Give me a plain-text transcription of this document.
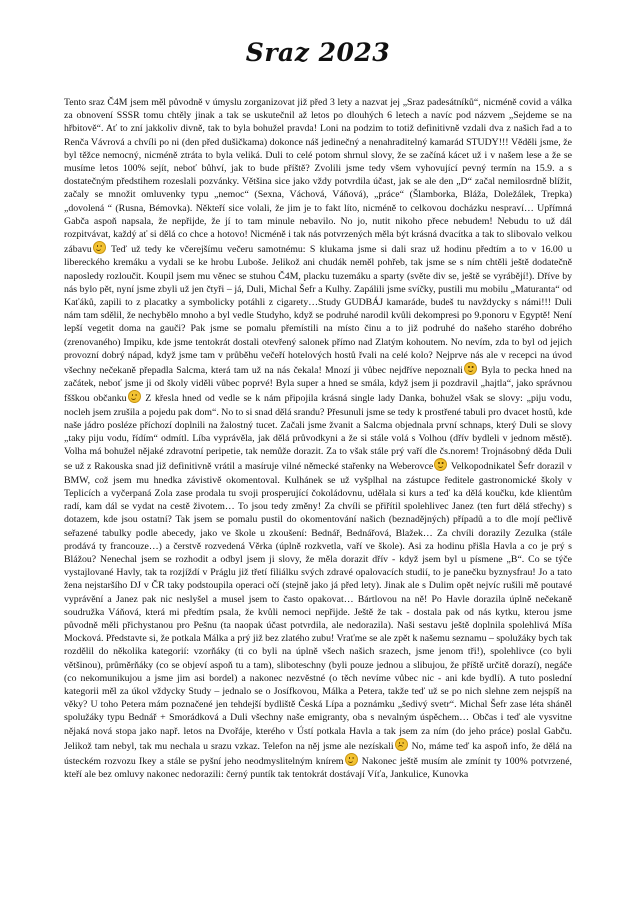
Sraz 2023
Tento sraz Č4M jsem měl původně v úmyslu zorganizovat již před 3 lety a nazvat jej „Sraz padesátníků“, nicméně covid a válka za obnovení SSSR tomu chtěly jinak a tak se uskutečnil až letos po dlouhých 6 letech a navíc pod názvem „Sejdeme se na hřbitově“. Ať to zní jakkoliv divně, tak to byla bohužel pravda! Loni na podzim to totiž definitivně vzdali dva z našich řad a to Renča Vávrová a chvíli po ni (den před dušičkama) dokonce náš jedinečný a nenahraditelný kamarád STUDY!!! Věděli jsme, že byl těžce nemocný, nicméně ztráta to byla veliká. Duli to celé potom shrnul slovy, že se začíná kácet už i v našem lese a že se musíme letos 100% sejít, neboť bůhví, jak to bude příště? Zvolili jsme tedy všem vyhovující pevný termín na 15.9. a s dostatečným předstihem rozeslali pozvánky. Většina sice jako vždy potvrdila účast, jak se ale den „D“ začal nemilosrdně blížit, začaly se množit omluvenky typu „nemoc“ (Sexna, Váchová, Váňová), „práce“ (Šlamborka, Bláža, Doležálek, Trepka) „dovolená “ (Rusna, Bémovka). Někteří sice volali, že jim je to fakt líto, nicméně to celkovou docházku nespraví… Upřímná Gabča aspoň napsala, že nepřijde, že jí to tam minule nebavilo. No jo, nutit nikoho přece nebudem! Nebudu to už dál rozpitvávat, každý ať si dělá co chce a hotovo! Nicméně i tak nás potvrzených měla být krásná dvacítka a tak to slibovalo velkou zábavu Teď už tedy ke včerejšímu večeru samotnému: S klukama jsme si dali sraz už hodinu předtím a to v 16.00 u libereckého kremáku a vydali se ke hrobu Luboše. Jelikož ani chudák neměl pohřeb, tak jsme se s ním chtěli ještě dodatečně naposledy rozloučit. Koupil jsem mu věnec se stuhou Č4M, placku tuzemáku a sparty (světe div se, ještě se vyrábějí!). Dříve by nás bylo pět, nyní jsme zbyli už jen čtyři – já, Duli, Michal Šefr a Kulhy. Zapálili jsme svíčky, pustili mu mobilu „Maturanta“ od Kaťáků, zapili to z placatky a symbolicky potáhli z cigarety…Study GUDBÁJ kamaráde, budeš tu navždycky s námi!!! Duli nám tam sdělil, že nechybělo mnoho a byl vedle Studyho, když se podruhé narodil kvůli dekompresi po 9.ponoru v Egyptě! Není lepší vegetit doma na gauči? Pak jsme se pomalu přemístili na místo činu a to již podruhé do našeho starého dobrého (zrenovaného) Impiku, kde jsme tentokrát dostali otevřený salonek přímo nad Zlatým kohoutem. No nevím, zda to byl od jejich provozní dobrý nápad, když jsme tam v průběhu večeří hotelových hostů řvali na celé kolo? Nejprve nás ale v recepci na úvod všechny nečekaně přepadla Salcma, která tam už na nás čekala! Mnozí ji vůbec nejdříve nepoznali Byla to pecka hned na začátek, neboť jsme ji od školy viděli vůbec poprvé! Byla super a hned se smála, když jsem ji pozdravil „hajtla“, jako správnou fšškou občanku Z křesla hned od vedle se k nám připojila krásná single lady Danka, bohužel však se slovy: „piju vodu, nocleh jsem zrušila a pojedu pak dom“. No to si snad dělá srandu? Přesunuli jsme se tedy k prostřené tabuli pro dvacet hostů, kde naše jádro posléze příchozí doplnili na žalostný tucet. Začali jsme žvanit a Salcma objednala první schnaps, který Duli se slovy „taky piju vodu, řídím“ odmítl. Líba vyprávěla, jak dělá průvodkyni a že si stále volá s Volhou (dřív bydleli v jednom městě). Volha má bohužel nějaké zdravotní peripetie, tak nemůže dorazit. Za to však stále prý vaří dle čs.norem! Trojnásobný děda Duli se už z Rakouska snad již definitivně vrátil a masíruje vilné německé stařenky na Weberovce Velkopodnikatel Šefr dorazil v BMW, což jsem mu hnedka závistivě okomentoval. Kulhánek se už vyšplhal na zástupce ředitele gastronomické školy v Teplicích a vyčerpaná Zola zase prodala tu svoji prosperující čokoládovnu, udělala si kurs a teď ka dělá koučku, kde klientům radí, kam dál se vydat na cestě životem… To jsou tedy změny! Za chvíli se přiřítil spolehlivec Janez (ten furt dělá střechy) s dotazem, kde jsou ostatní? Tak jsem se pomalu pustil do okomentování našich (beznadějných) případů a to dle mojí pečlivě seřazené tabulky podle abecedy, jako ve škole u zkoušení: Bednář, Bednářová, Blažek… Za chvíli dorazily Zezulka (stále prodává ty francouze…) a čerstvě rozvedená Věrka (úplně rozkvetla, vaří ve škole). Asi za hodinu přišla Havla a co je prý s Blážou? Nenechal jsem se rozhodit a odbyl jsem ji slovy, že měla dorazit dřív - když jsem byl u písmene „B“. Co se týče vystajlované Havly, tak ta rozjíždí v Práglu již třetí filiálku svých zdravé opalovacích studií, to je panečku byznysfrau! Jo a tato žena nejstaršího DJ v ČR taky podstoupila operaci očí (stejně jako já před lety). Jinak ale s Dulim opět nejvíc rušili mě poutavé vyprávění a Janez pak nic neslyšel a musel jsem to často opakovat… Bártlovou na ně! Po Havle dorazila úplně nečekaně soudružka Váňová, která mi předtím psala, že kvůli nemoci nepřijde. Ještě že tak - dostala pak od nás kytku, kterou jsme původně měli přichystanou pro Pešnu (ta naopak účast potvrdila, ale nedorazila). Naši sestavu ještě doplnila spolehlivá Míša Mocková. Představte si, že potkala Málka a prý již bez zlatého zubu! Vraťme se ale zpět k našemu seznamu – spolužáky bych tak rozdělil do několika kategorií: vzorňáky (ti co byli na úplně všech našich srazech, jsme jenom tři!), spolehlivce (co byli většinou), průměrňáky (co se objeví aspoň tu a tam), sliboteschny (byli pouze jednou a slibujou, že příště určitě dorazí), negáče (co nekomunikujou a jsme jim asi bordel) a nakonec nezvěstné (o těch nevíme vůbec nic - ani kde bydlí). A tuto poslední kategorii měl za úkol vždycky Study – jednalo se o Josífkovou, Málka a Petera, takže teď už se po nich slehne zem nejspíš na věky? U toho Petera mám poznačené jen tehdejší bydliště Česká Lípa a poznámku „šedivý svetr“. Michal Šefr zase léta sháněl spolužáky typu Bednář + Smorádková a Duli všechny naše emigranty, oba s nevalným úspěchem… Občas i teď ale vysvitne nějaká nová stopa jako např. letos na Dvořáje, kterého v Ústí potkala Havla a tak jsem za ním (do jeho práce) poslal Gabču. Jelikož tam nebyl, tak mu nechala u srazu vzkaz. Telefon na něj jsme ale nezískali No, máme teď ka aspoň info, že dělá na ústeckém rozvozu Ikey a stále se pyšní jeho neodmyslitelným knírem Nakonec ještě musím ale zmínit ty 100% potvrzené, kteří ale bez omluvy nakonec nedorazili: černý puntík tak tentokrát dostávají Víťa, Jankulice, Kunovka
